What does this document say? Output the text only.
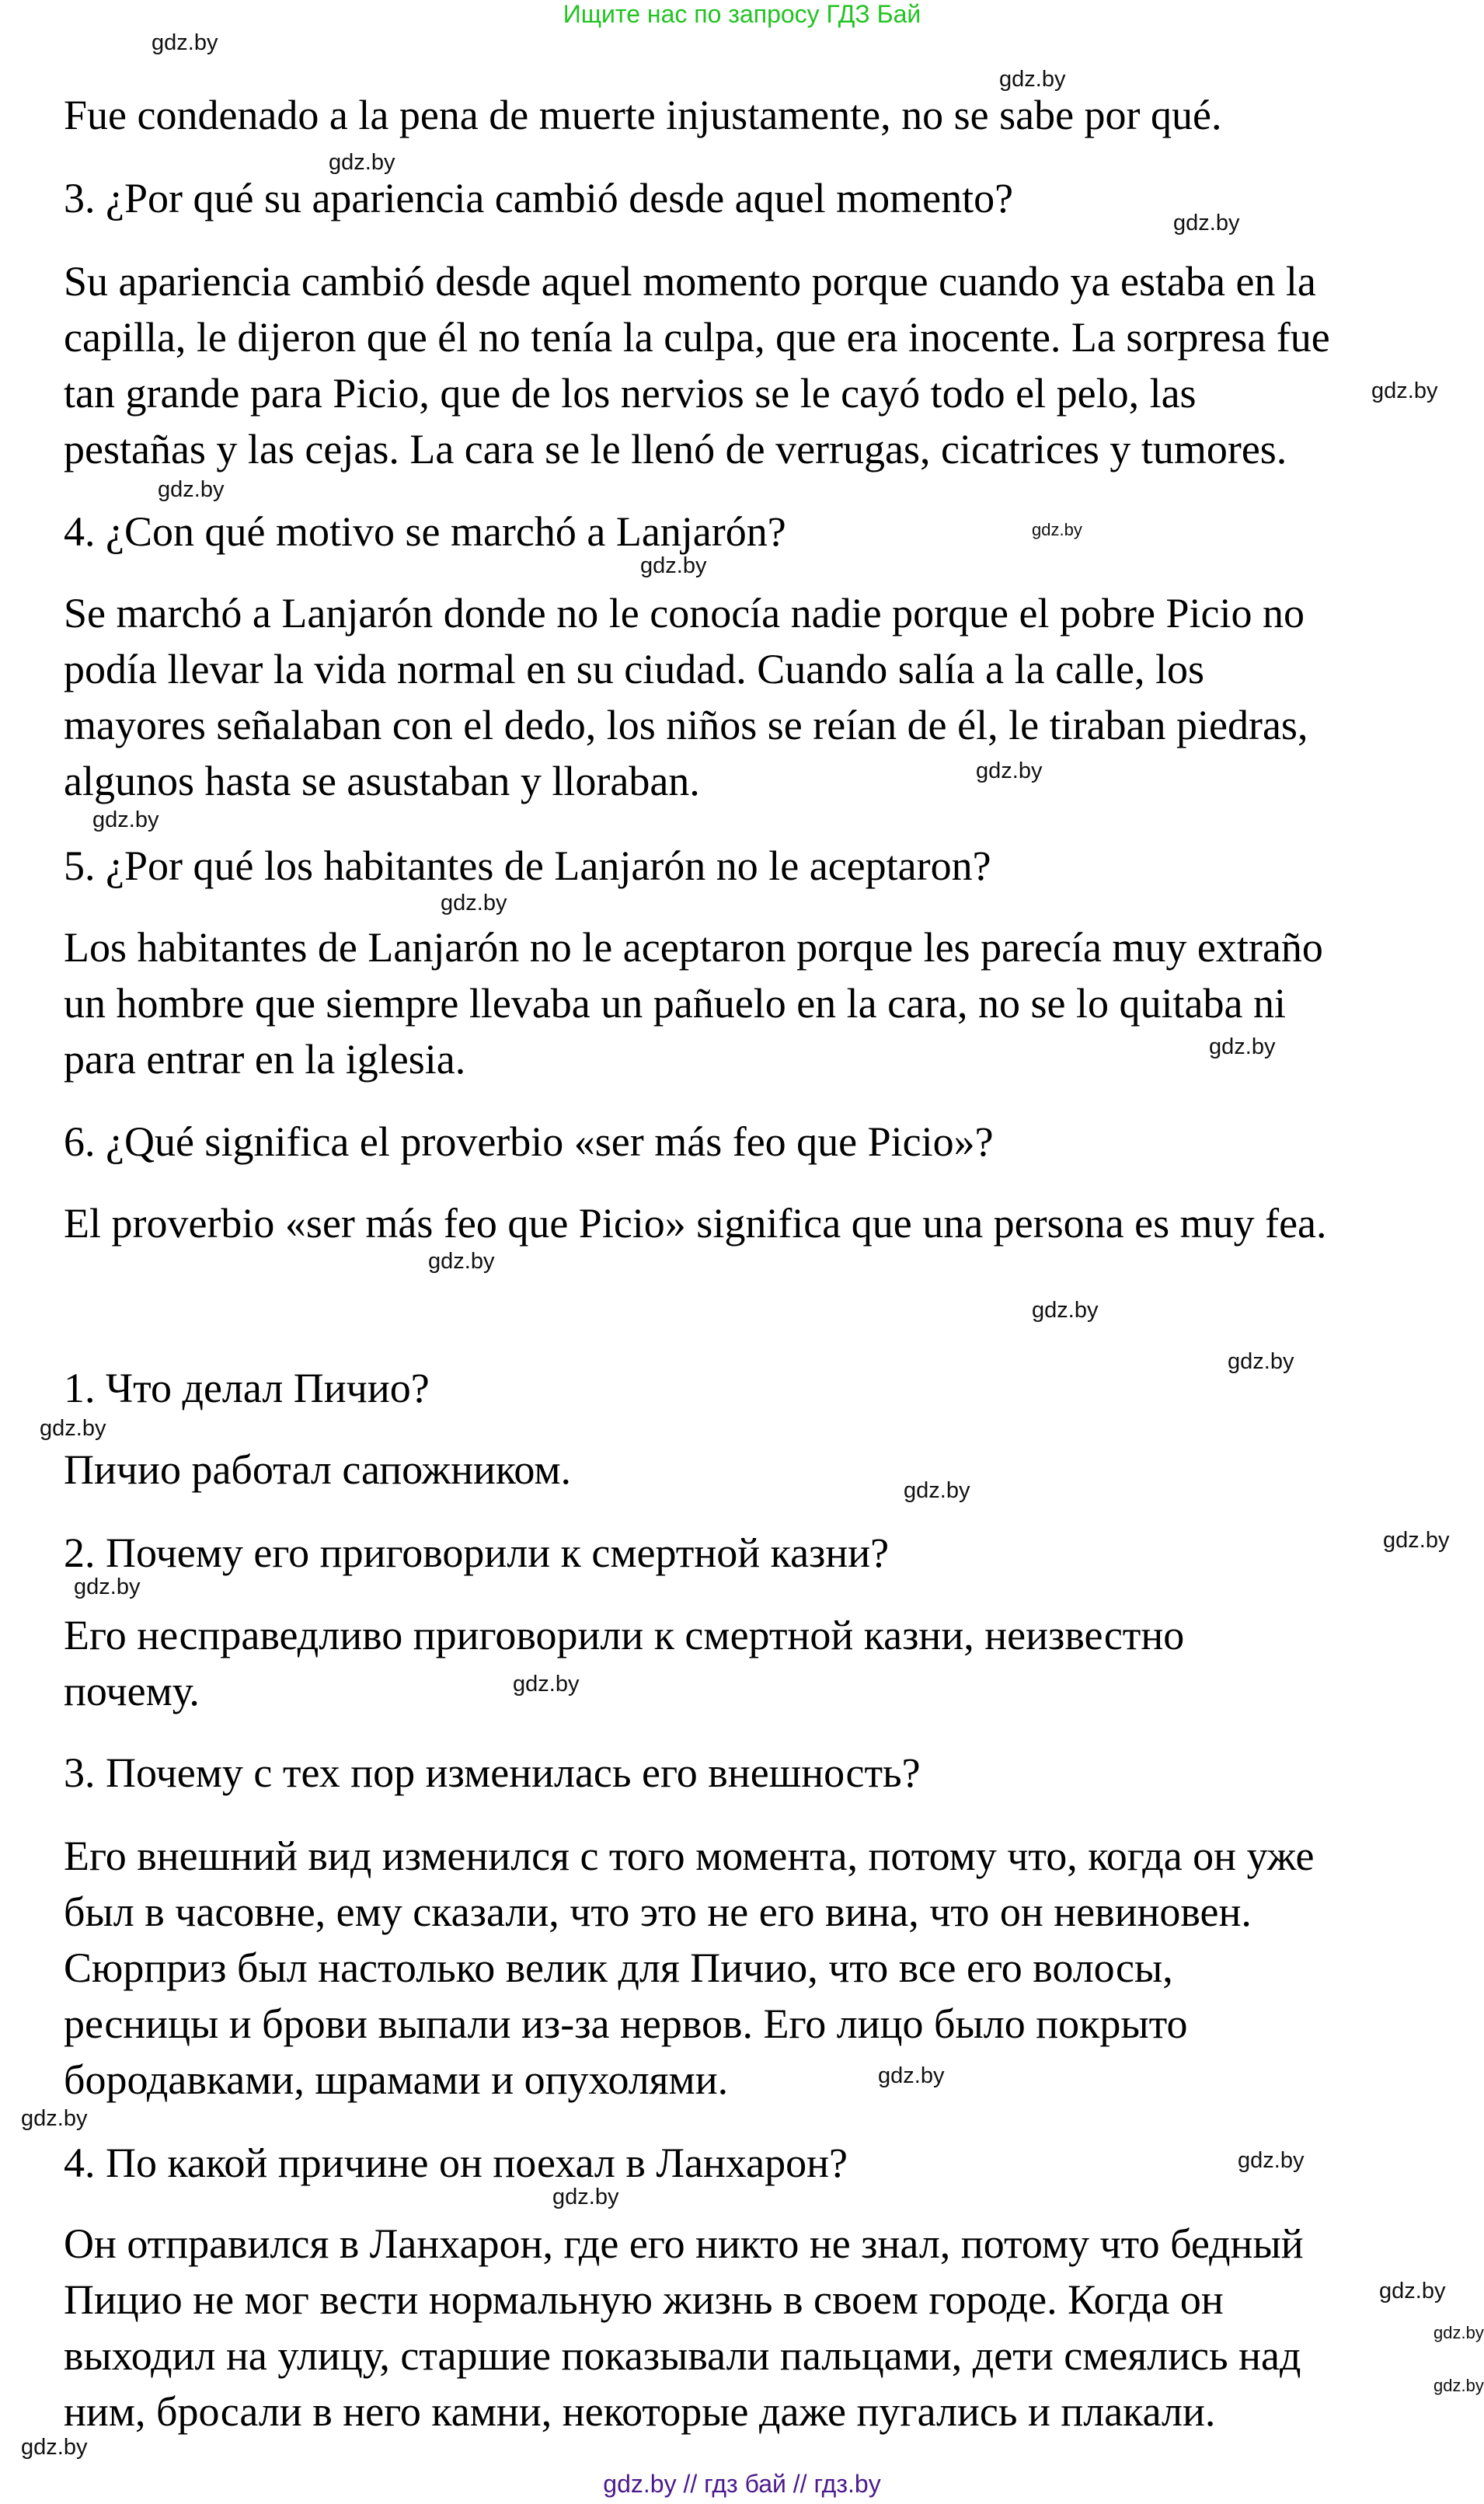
Ищите нас по запросу ГДЗ Бай
Fue condenado a la pena de muerte injustamente, no se sabe por qué.
3. ¿Por qué su apariencia cambió desde aquel momento?
Su apariencia cambió desde aquel momento porque cuando ya estaba en la
capilla, le dijeron que él no tenía la culpa, que era inocente. La sorpresa fue
tan grande para Picio, que de los nervios se le cayó todo el pelo, las
pestañas y las cejas. La cara se le llenó de verrugas, cicatrices y tumores.
4. ¿Con qué motivo se marchó a Lanjarón?
Se marchó a Lanjarón donde no le conocía nadie porque el pobre Picio no
podía llevar la vida normal en su ciudad. Cuando salía a la calle, los
mayores señalaban con el dedo, los niños se reían de él, le tiraban piedras,
algunos hasta se asustaban y lloraban.
5. ¿Por qué los habitantes de Lanjarón no le aceptaron?
Los habitantes de Lanjarón no le aceptaron porque les parecía muy extraño
un hombre que siempre llevaba un pañuelo en la cara, no se lo quitaba ni
para entrar en la iglesia.
6. ¿Qué significa el proverbio «ser más feo que Picio»?
El proverbio «ser más feo que Picio» significa que una persona es muy fea.
1. Что делал Пичио?
Пичио работал сапожником.
2. Почему его приговорили к смертной казни?
Его несправедливо приговорили к смертной казни, неизвестно
почему.
3. Почему с тех пор изменилась его внешность?
Его внешний вид изменился с того момента, потому что, когда он уже
был в часовне, ему сказали, что это не его вина, что он невиновен.
Сюрприз был настолько велик для Пичио, что все его волосы,
ресницы и брови выпали из-за нервов. Его лицо было покрыто
бородавками, шрамами и опухолями.
4. По какой причине он поехал в Ланхарон?
Он отправился в Ланхарон, где его никто не знал, потому что бедный
Пицио не мог вести нормальную жизнь в своем городе. Когда он
выходил на улицу, старшие показывали пальцами, дети смеялись над
ним, бросали в него камни, некоторые даже пугались и плакали.
gdz.by
gdz.by
gdz.by
gdz.by
gdz.by
gdz.by
gdz.by
gdz.by
gdz.by
gdz.by
gdz.by
gdz.by
gdz.by
gdz.by
gdz.by
gdz.by
gdz.by
gdz.by
gdz.by
gdz.by
gdz.by
gdz.by
gdz.by
gdz.by
gdz.by
gdz.by
gdz.by
gdz.by
gdz.by // гдз бай // гдз.by
